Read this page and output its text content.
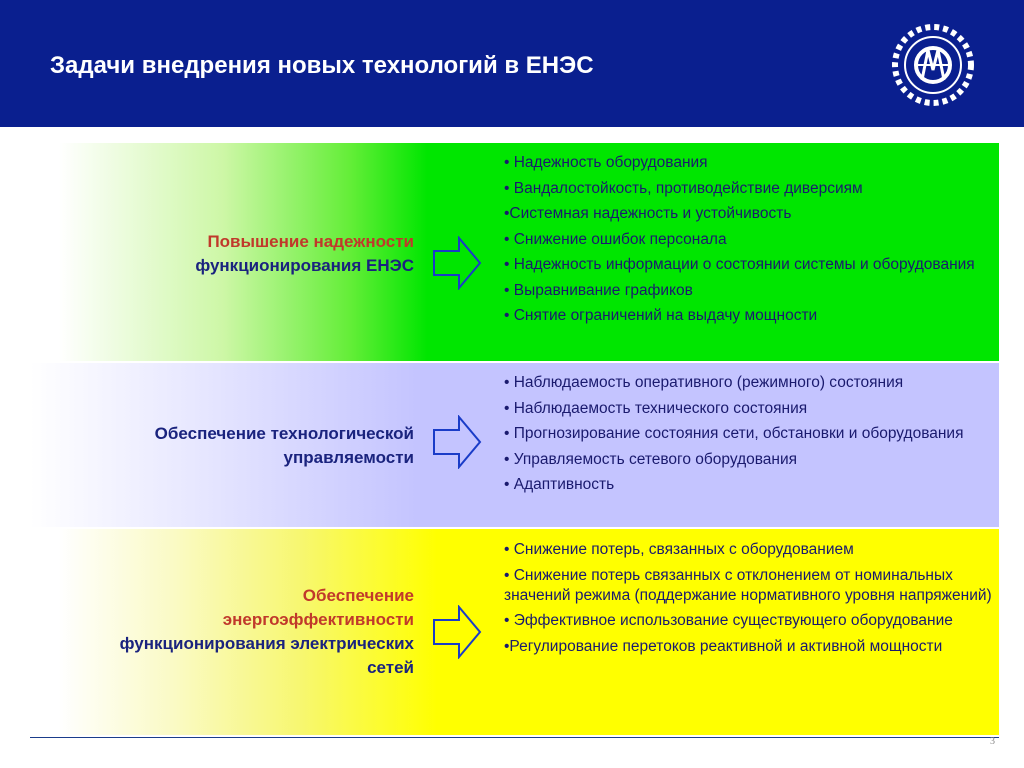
Задачи внедрения новых технологий в ЕНЭС
Повышение надежности
функционирования ЕНЭС
• Надежность оборудования
• Вандалостойкость, противодействие диверсиям
•Системная надежность и устойчивость
• Снижение ошибок персонала
• Надежность информации о состоянии системы и оборудования
• Выравнивание графиков
• Снятие ограничений на выдачу мощности
Обеспечение технологической
управляемости
• Наблюдаемость оперативного (режимного) состояния
• Наблюдаемость технического состояния
• Прогнозирование состояния сети, обстановки и оборудования
• Управляемость сетевого оборудования
• Адаптивность
Обеспечение
энергоэффективности
функционирования электрических
сетей
• Снижение потерь, связанных с оборудованием
• Снижение потерь связанных с отклонением от номинальных значений режима (поддержание нормативного уровня напряжений)
• Эффективное использование существующего оборудование
•Регулирование перетоков реактивной и активной мощности
3
